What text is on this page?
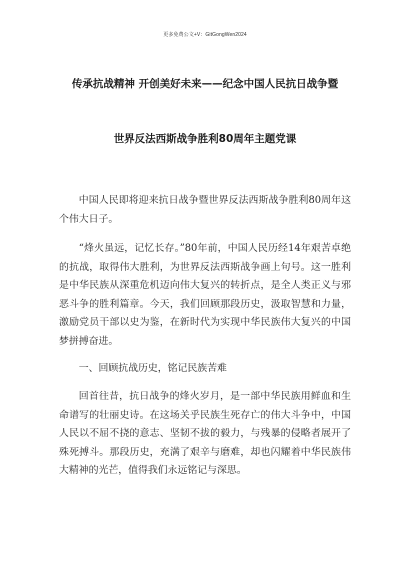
更多免费公文+V：GitGongWen2024
传承抗战精神 开创美好未来——纪念中国人民抗日战争暨
世界反法西斯战争胜利80周年主题党课

中国人民即将迎来抗日战争暨世界反法西斯战争胜利80周年这个伟大日子。

“烽火虽远，记忆长存。”80年前，中国人民历经14年艰苦卓绝的抗战，取得伟大胜利，为世界反法西斯战争画上句号。这一胜利是中华民族从深重危机迈向伟大复兴的转折点，是全人类正义与邪恶斗争的胜利篇章。今天，我们回顾那段历史，汲取智慧和力量，激励党员干部以史为鉴，在新时代为实现中华民族伟大复兴的中国梦拼搏奋进。

一、回顾抗战历史，铭记民族苦难

回首往昔，抗日战争的烽火岁月，是一部中华民族用鲜血和生命谱写的壮丽史诗。在这场关乎民族生死存亡的伟大斗争中，中国人民以不屈不挠的意志、坚韧不拔的毅力，与残暴的侵略者展开了殊死搏斗。那段历史，充满了艰辛与磨难，却也闪耀着中华民族伟大精神的光芒，值得我们永远铭记与深思。
